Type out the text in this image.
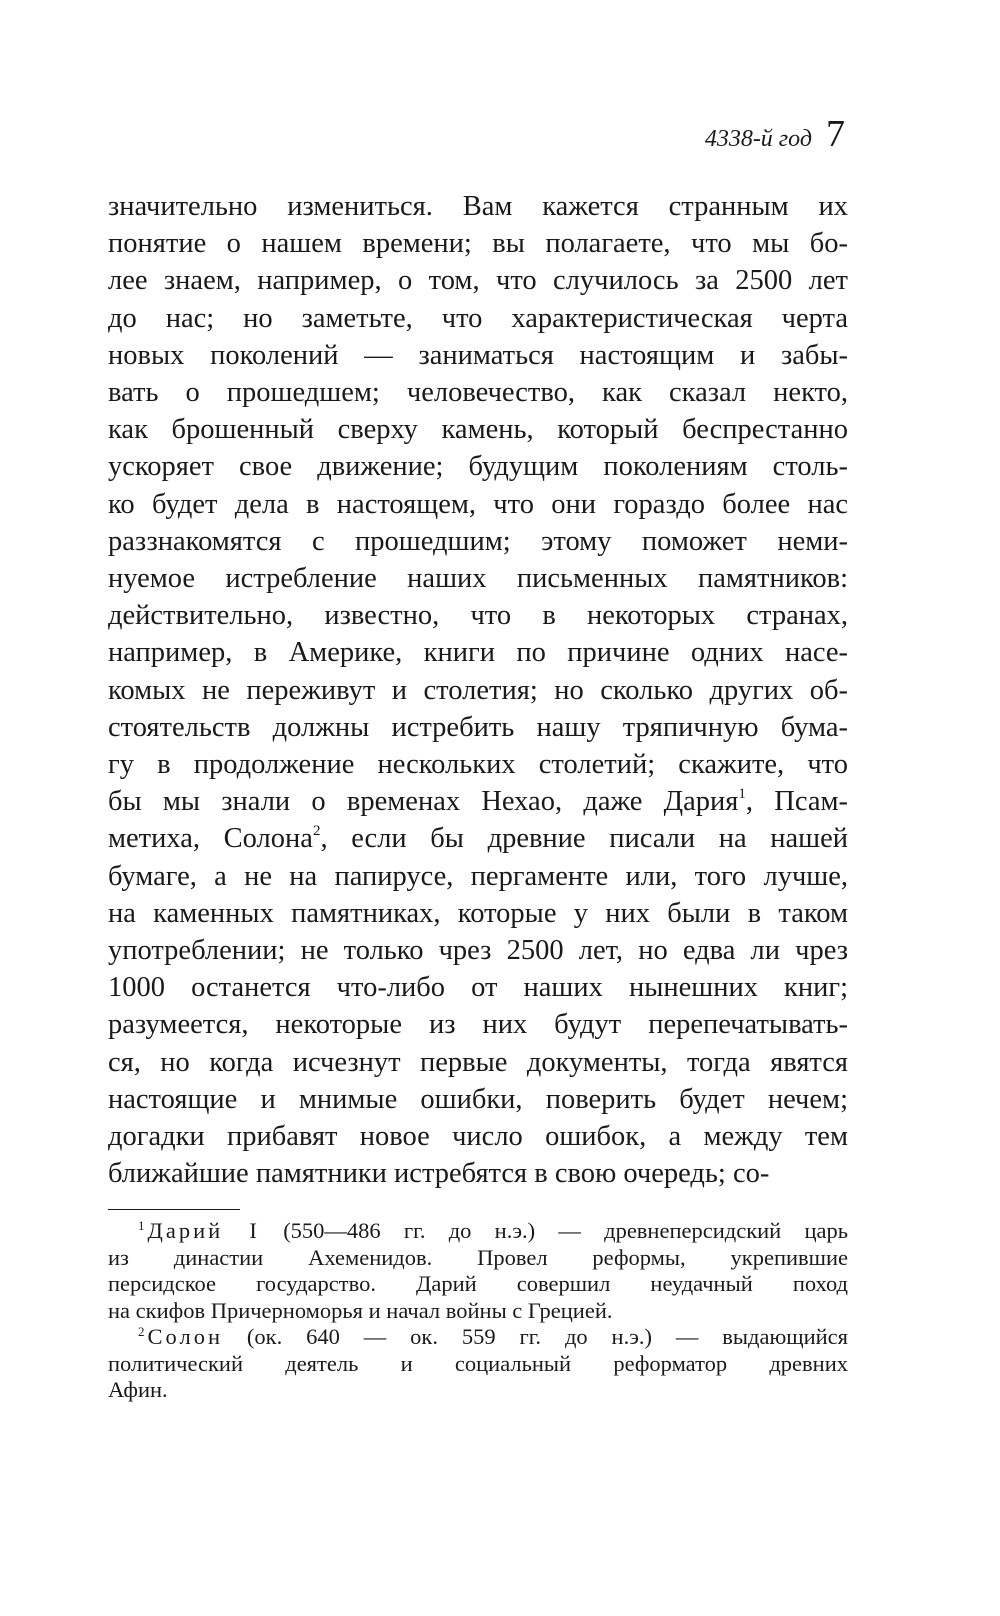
4338-й год 7
значительно измениться. Вам кажется странным их
понятие о нашем времени; вы полагаете, что мы бо-
лее знаем, например, о том, что случилось за 2500 лет
до нас; но заметьте, что характеристическая черта
новых поколений — заниматься настоящим и забы-
вать о прошедшем; человечество, как сказал некто,
как брошенный сверху камень, который беспрестанно
ускоряет свое движение; будущим поколениям столь-
ко будет дела в настоящем, что они гораздо более нас
раззнакомятся с прошедшим; этому поможет неми-
нуемое истребление наших письменных памятников:
действительно, известно, что в некоторых странах,
например, в Америке, книги по причине одних насе-
комых не переживут и столетия; но сколько других об-
стоятельств должны истребить нашу тряпичную бума-
гу в продолжение нескольких столетий; скажите, что
бы мы знали о временах Нехао, даже Дария$^1$, Псам-
метиха, Солона$^2$, если бы древние писали на нашей
бумаге, а не на папирусе, пергаменте или, того лучше,
на каменных памятниках, которые у них были в таком
употреблении; не только чрез 2500 лет, но едва ли чрез
1000 останется что-либо от наших нынешних книг;
разумеется, некоторые из них будут перепечатывать-
ся, но когда исчезнут первые документы, тогда явятся
настоящие и мнимые ошибки, поверить будет нечем;
догадки прибавят новое число ошибок, а между тем
ближайшие памятники истребятся в свою очередь; со-
$^1$ Дарий I (550—486 гг. до н.э.) — древнеперсидский царь
из династии Ахеменидов. Провел реформы, укрепившие
персидское государство. Дарий совершил неудачный поход
на скифов Причерноморья и начал войны с Грецией.
$^2$ Солон (ок. 640 — ок. 559 гг. до н.э.) — выдающийся
политический деятель и социальный реформатор древних
Афин.
